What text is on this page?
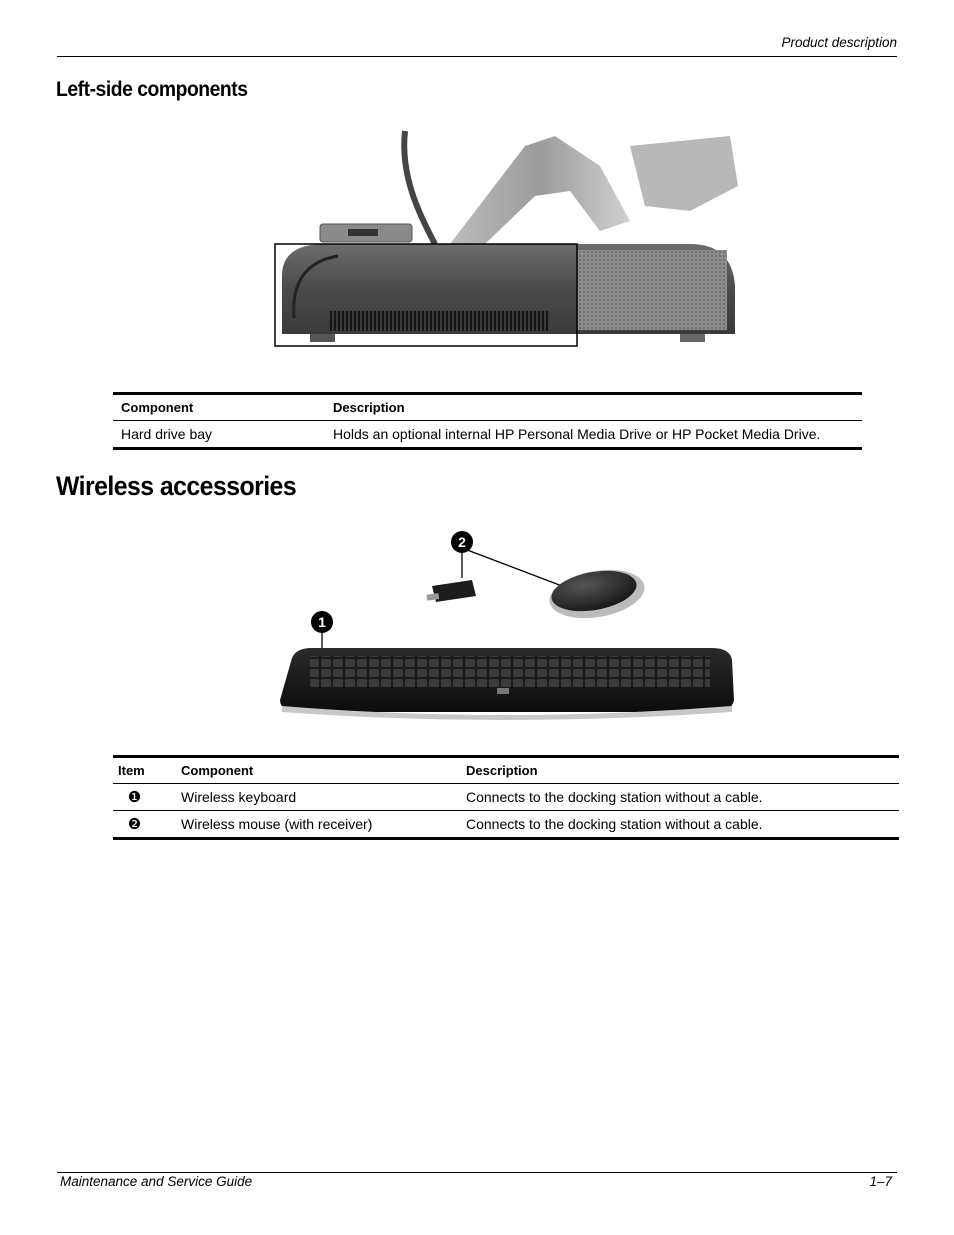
Product description
Left-side components
Component	Description
Hard drive bay	Holds an optional internal HP Personal Media Drive or HP Pocket Media Drive.
Wireless accessories
2
1
Item	Component	Description
❶	Wireless keyboard	Connects to the docking station without a cable.
❷	Wireless mouse (with receiver)	Connects to the docking station without a cable.
Maintenance and Service Guide	1–7
